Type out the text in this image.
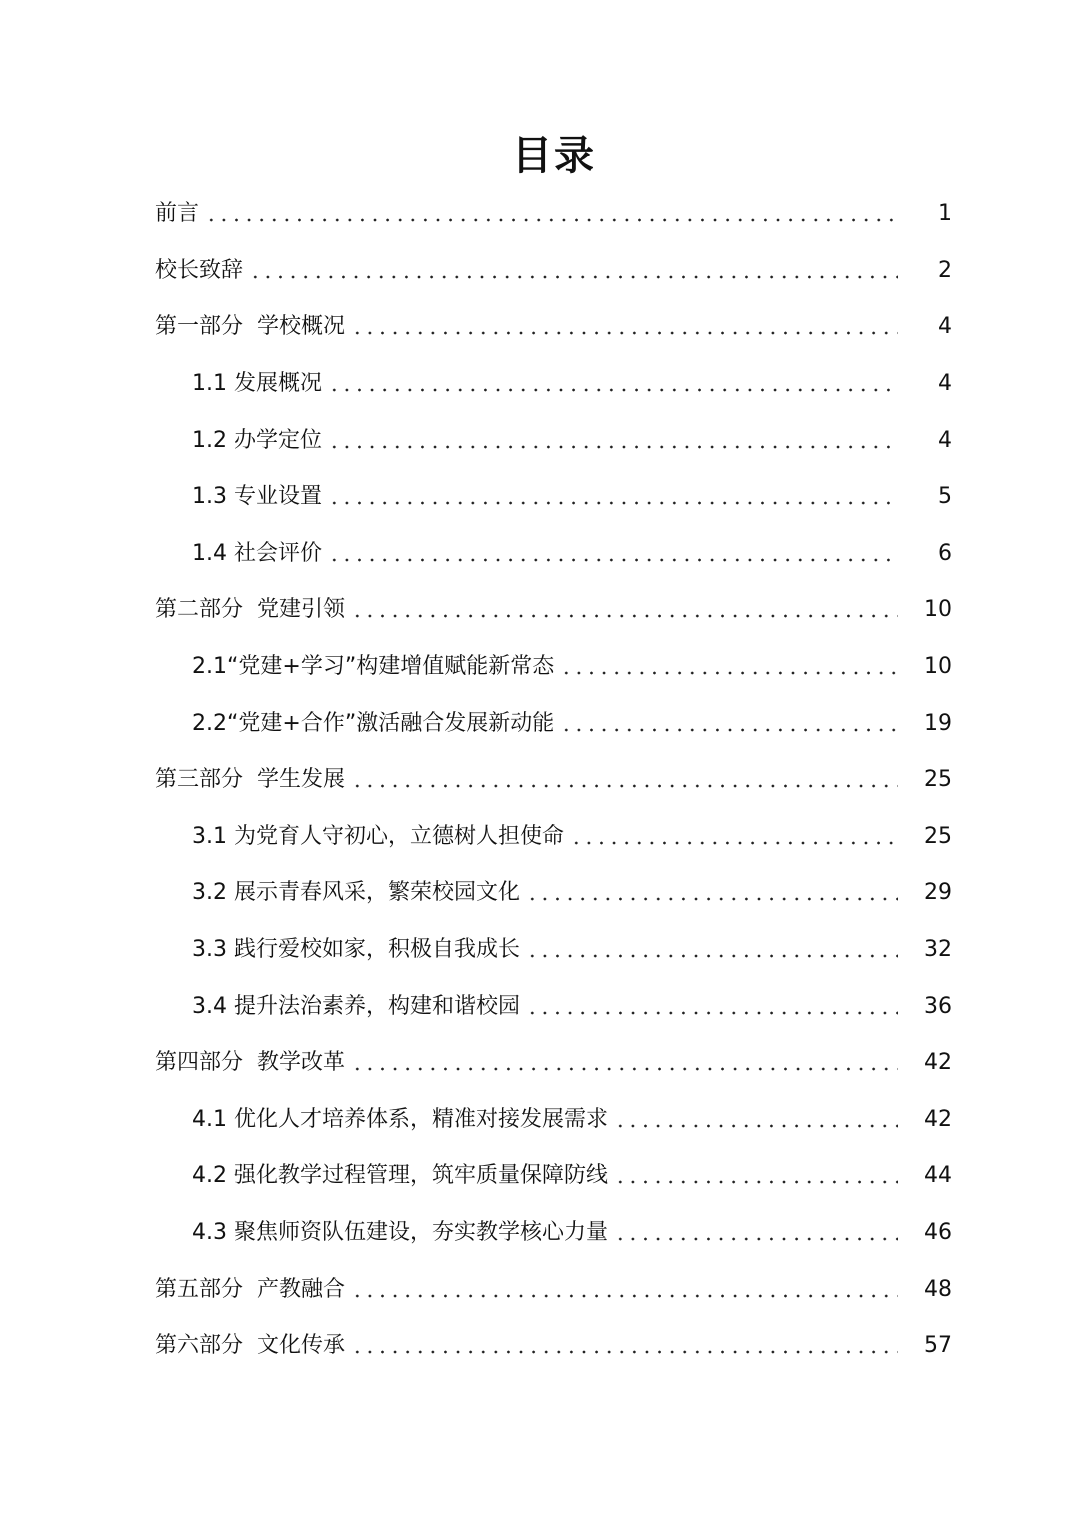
目录
前言	1
校长致辞	2
第一部分  学校概况	4
1.1 发展概况	4
1.2 办学定位	4
1.3 专业设置	5
1.4 社会评价	6
第二部分  党建引领	10
2.1“党建+学习”构建增值赋能新常态	10
2.2“党建+合作”激活融合发展新动能	19
第三部分  学生发展	25
3.1 为党育人守初心，立德树人担使命	25
3.2 展示青春风采，繁荣校园文化	29
3.3 践行爱校如家，积极自我成长	32
3.4 提升法治素养，构建和谐校园	36
第四部分  教学改革	42
4.1 优化人才培养体系，精准对接发展需求	42
4.2 强化教学过程管理，筑牢质量保障防线	44
4.3 聚焦师资队伍建设，夯实教学核心力量	46
第五部分  产教融合	48
第六部分  文化传承	57
